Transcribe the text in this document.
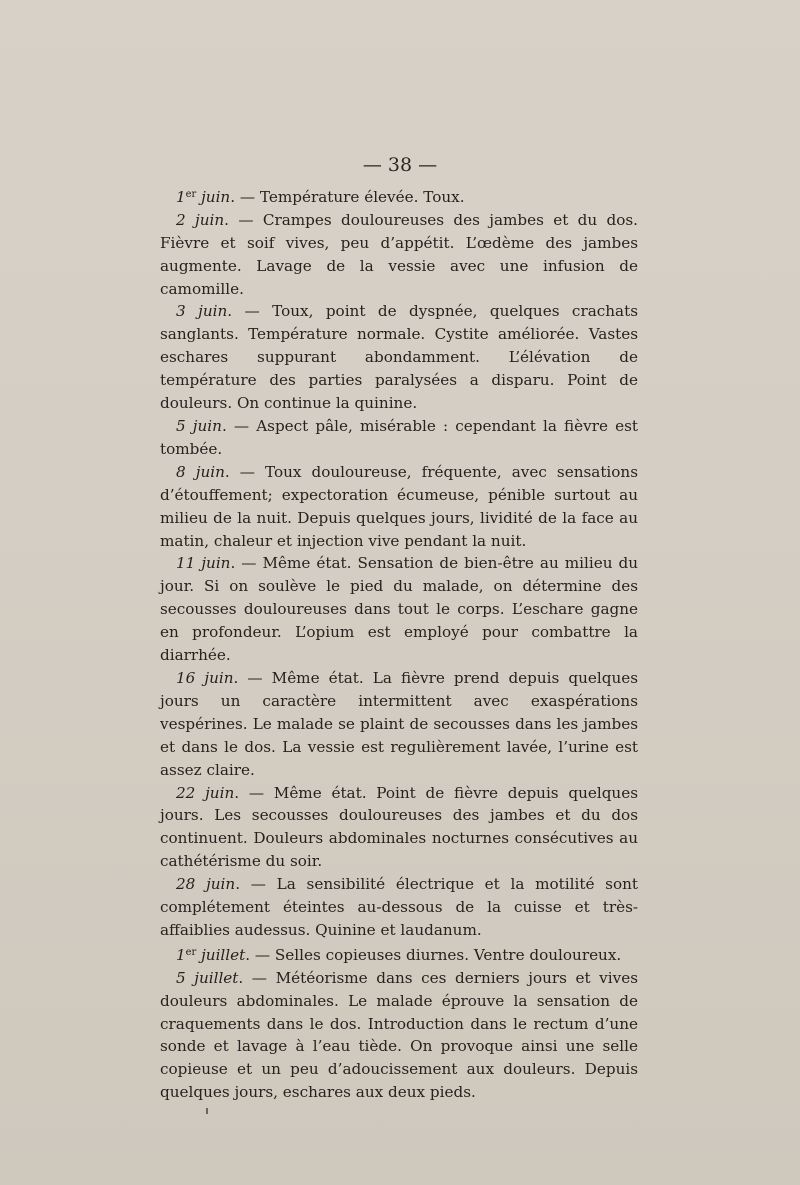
— 38 —

1er juin. — Température élevée. Toux.

2 juin. — Crampes douloureuses des jambes et du dos. Fièvre et soif vives, peu d’appétit. L’œdème des jambes augmente. Lavage de la vessie avec une infusion de camomille.

3 juin. — Toux, point de dyspnée, quelques crachats sanglants. Température normale. Cystite améliorée. Vastes eschares suppurant abondamment. L’élévation de température des parties paralysées a disparu. Point de douleurs. On continue la quinine.

5 juin. — Aspect pâle, misérable : cependant la fièvre est tombée.

8 juin. — Toux douloureuse, fréquente, avec sensations d’étouffement; expectoration écumeuse, pénible surtout au milieu de la nuit. Depuis quelques jours, lividité de la face au matin, chaleur et injection vive pendant la nuit.

11 juin. — Même état. Sensation de bien-être au milieu du jour. Si on soulève le pied du malade, on détermine des secousses douloureuses dans tout le corps. L’eschare gagne en profondeur. L’opium est employé pour combattre la diarrhée.

16 juin. — Même état. La fièvre prend depuis quelques jours un caractère intermittent avec exaspérations vespérines. Le malade se plaint de secousses dans les jambes et dans le dos. La vessie est regulièrement lavée, l’urine est assez claire.

22 juin. — Même état. Point de fièvre depuis quelques jours. Les secousses douloureuses des jambes et du dos continuent. Douleurs abdominales nocturnes consécutives au cathétérisme du soir.

28 juin. — La sensibilité électrique et la motilité sont complétement éteintes au-dessous de la cuisse et très-affaiblies audessus. Quinine et laudanum.

1er juillet. — Selles copieuses diurnes. Ventre douloureux.

5 juillet. — Météorisme dans ces derniers jours et vives douleurs abdominales. Le malade éprouve la sensation de craquements dans le dos. Introduction dans le rectum d’une sonde et lavage à l’eau tiède. On provoque ainsi une selle copieuse et un peu d’adoucissement aux douleurs. Depuis quelques jours, eschares aux deux pieds.
